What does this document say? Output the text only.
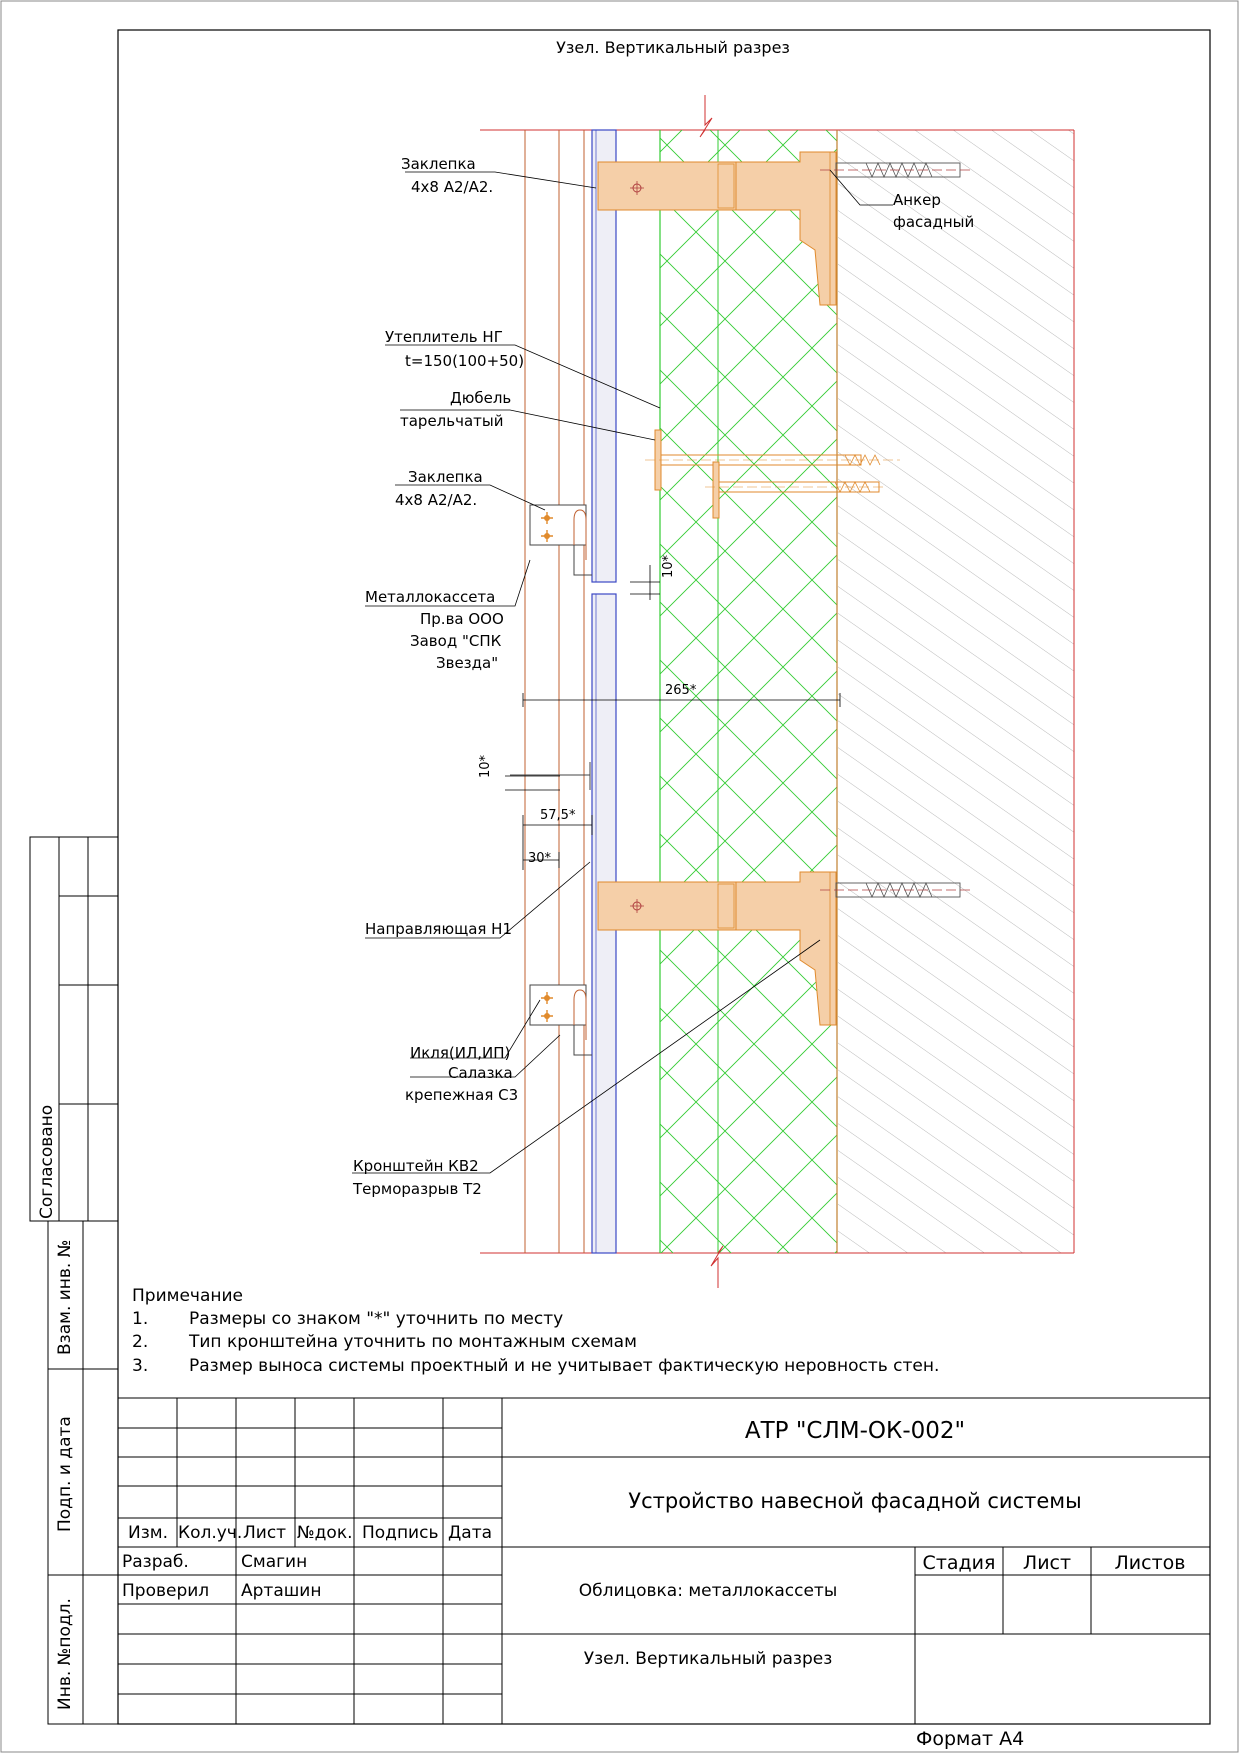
Узел. Вертикальный разрез
10*
265*
10*
57,5*
30*
Заклепка
4x8 A2/A2.
Анкер
фасадный
Утеплитель НГ
t=150(100+50)
Дюбель
тарельчатый
Заклепка
4x8 A2/A2.
Металлокассета
Пр.ва ООО
Завод "СПК
Звезда"
Направляющая Н1
Икля(ИЛ,ИП)
Салазка
крепежная С3
Кронштейн КВ2
Терморазрыв Т2
Примечание
1. Размеры со знаком "*" уточнить по месту
2. Тип кронштейна уточнить по монтажным схемам
3. Размер выноса системы проектный и не учитывает фактическую неровность стен.
Согласовано
Взам. инв. №
Подп. и дата
Инв. №подл.
АТР "СЛМ-ОК-002"
Устройство навесной фасадной системы
Облицовка: металлокассеты
Узел. Вертикальный разрез
Изм. Кол.уч. Лист №док. Подпись Дата
Разраб.	Смагин
Проверил Арташин
Стадия Лист Листов
Формат А4
